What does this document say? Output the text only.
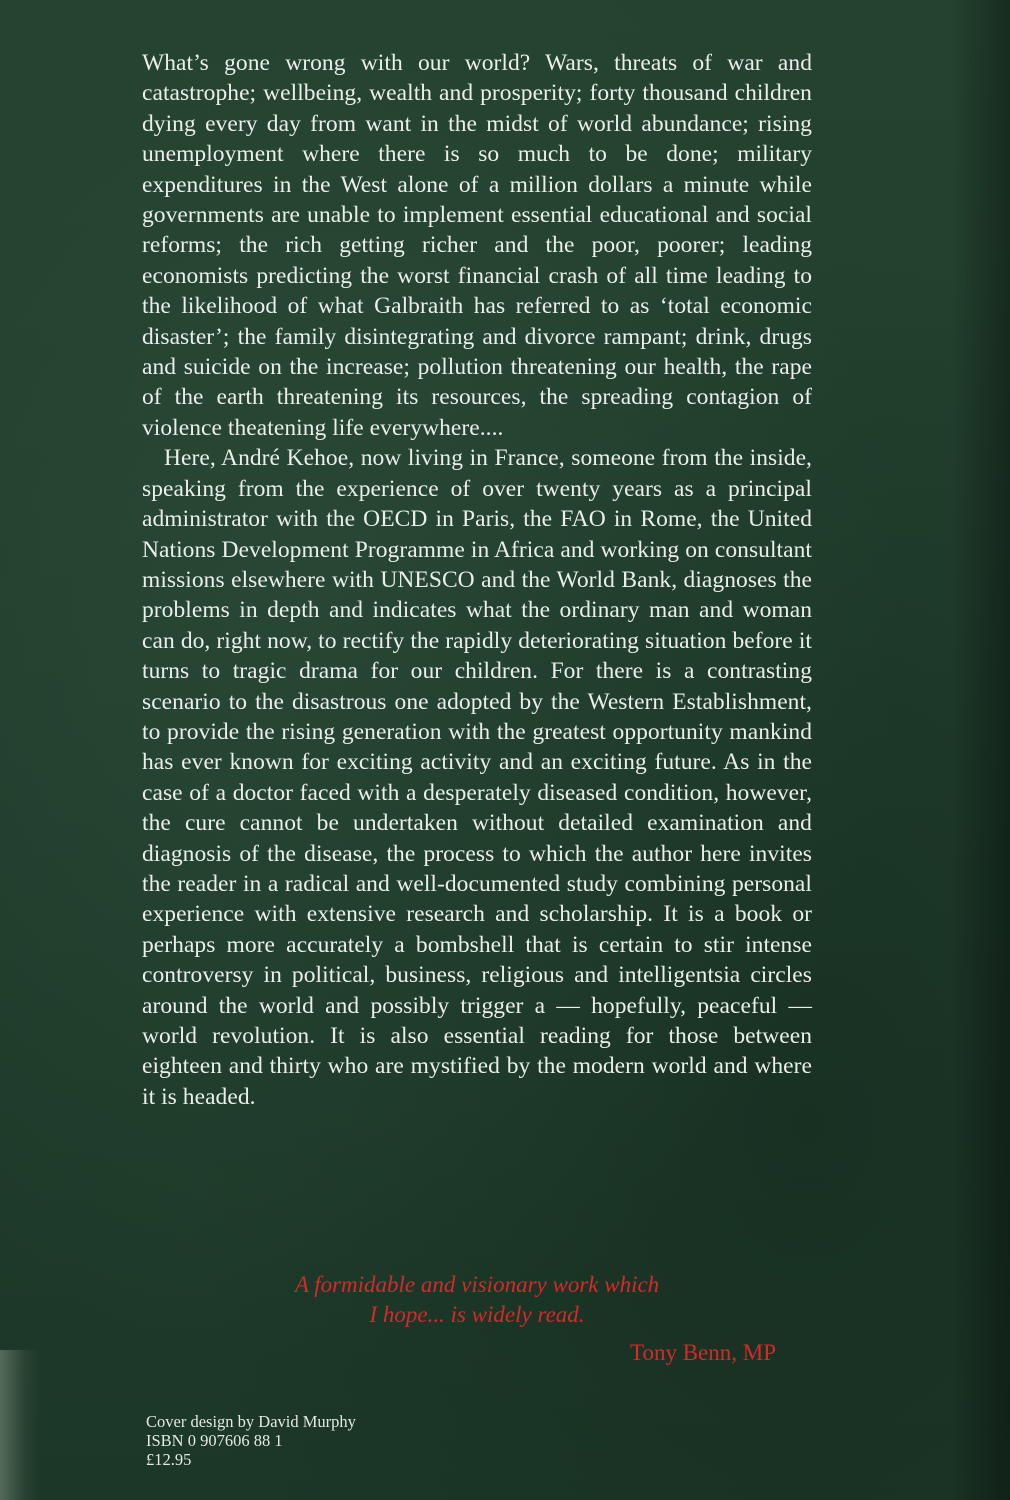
What’s gone wrong with our world? Wars, threats of war and catastrophe; wellbeing, wealth and prosperity; forty thousand children dying every day from want in the midst of world abundance; rising unemployment where there is so much to be done; military expenditures in the West alone of a million dollars a minute while governments are unable to implement essential educational and social reforms; the rich getting richer and the poor, poorer; leading economists predicting the worst financial crash of all time leading to the likelihood of what Galbraith has referred to as ‘total economic disaster’; the family disintegrating and divorce rampant; drink, drugs and suicide on the increase; pollution threatening our health, the rape of the earth threatening its resources, the spreading contagion of violence theatening life everywhere....

Here, André Kehoe, now living in France, someone from the inside, speaking from the experience of over twenty years as a principal administrator with the OECD in Paris, the FAO in Rome, the United Nations Development Programme in Africa and working on consultant missions elsewhere with UNESCO and the World Bank, diagnoses the problems in depth and indicates what the ordinary man and woman can do, right now, to rectify the rapidly deteriorating situation before it turns to tragic drama for our children. For there is a contrasting scenario to the disastrous one adopted by the Western Establishment, to provide the rising generation with the greatest opportunity mankind has ever known for exciting activity and an exciting future. As in the case of a doctor faced with a desperately diseased condition, however, the cure cannot be undertaken without detailed examination and diagnosis of the disease, the process to which the author here invites the reader in a radical and well-documented study combining personal experience with extensive research and scholarship. It is a book or perhaps more accurately a bombshell that is certain to stir intense controversy in political, business, religious and intelligentsia circles around the world and possibly trigger a — hopefully, peaceful — world revolution. It is also essential reading for those between eighteen and thirty who are mystified by the modern world and where it is headed.

A formidable and visionary work which
I hope... is widely read.
Tony Benn, MP
Cover design by David Murphy
ISBN 0 907606 88 1
£12.95
